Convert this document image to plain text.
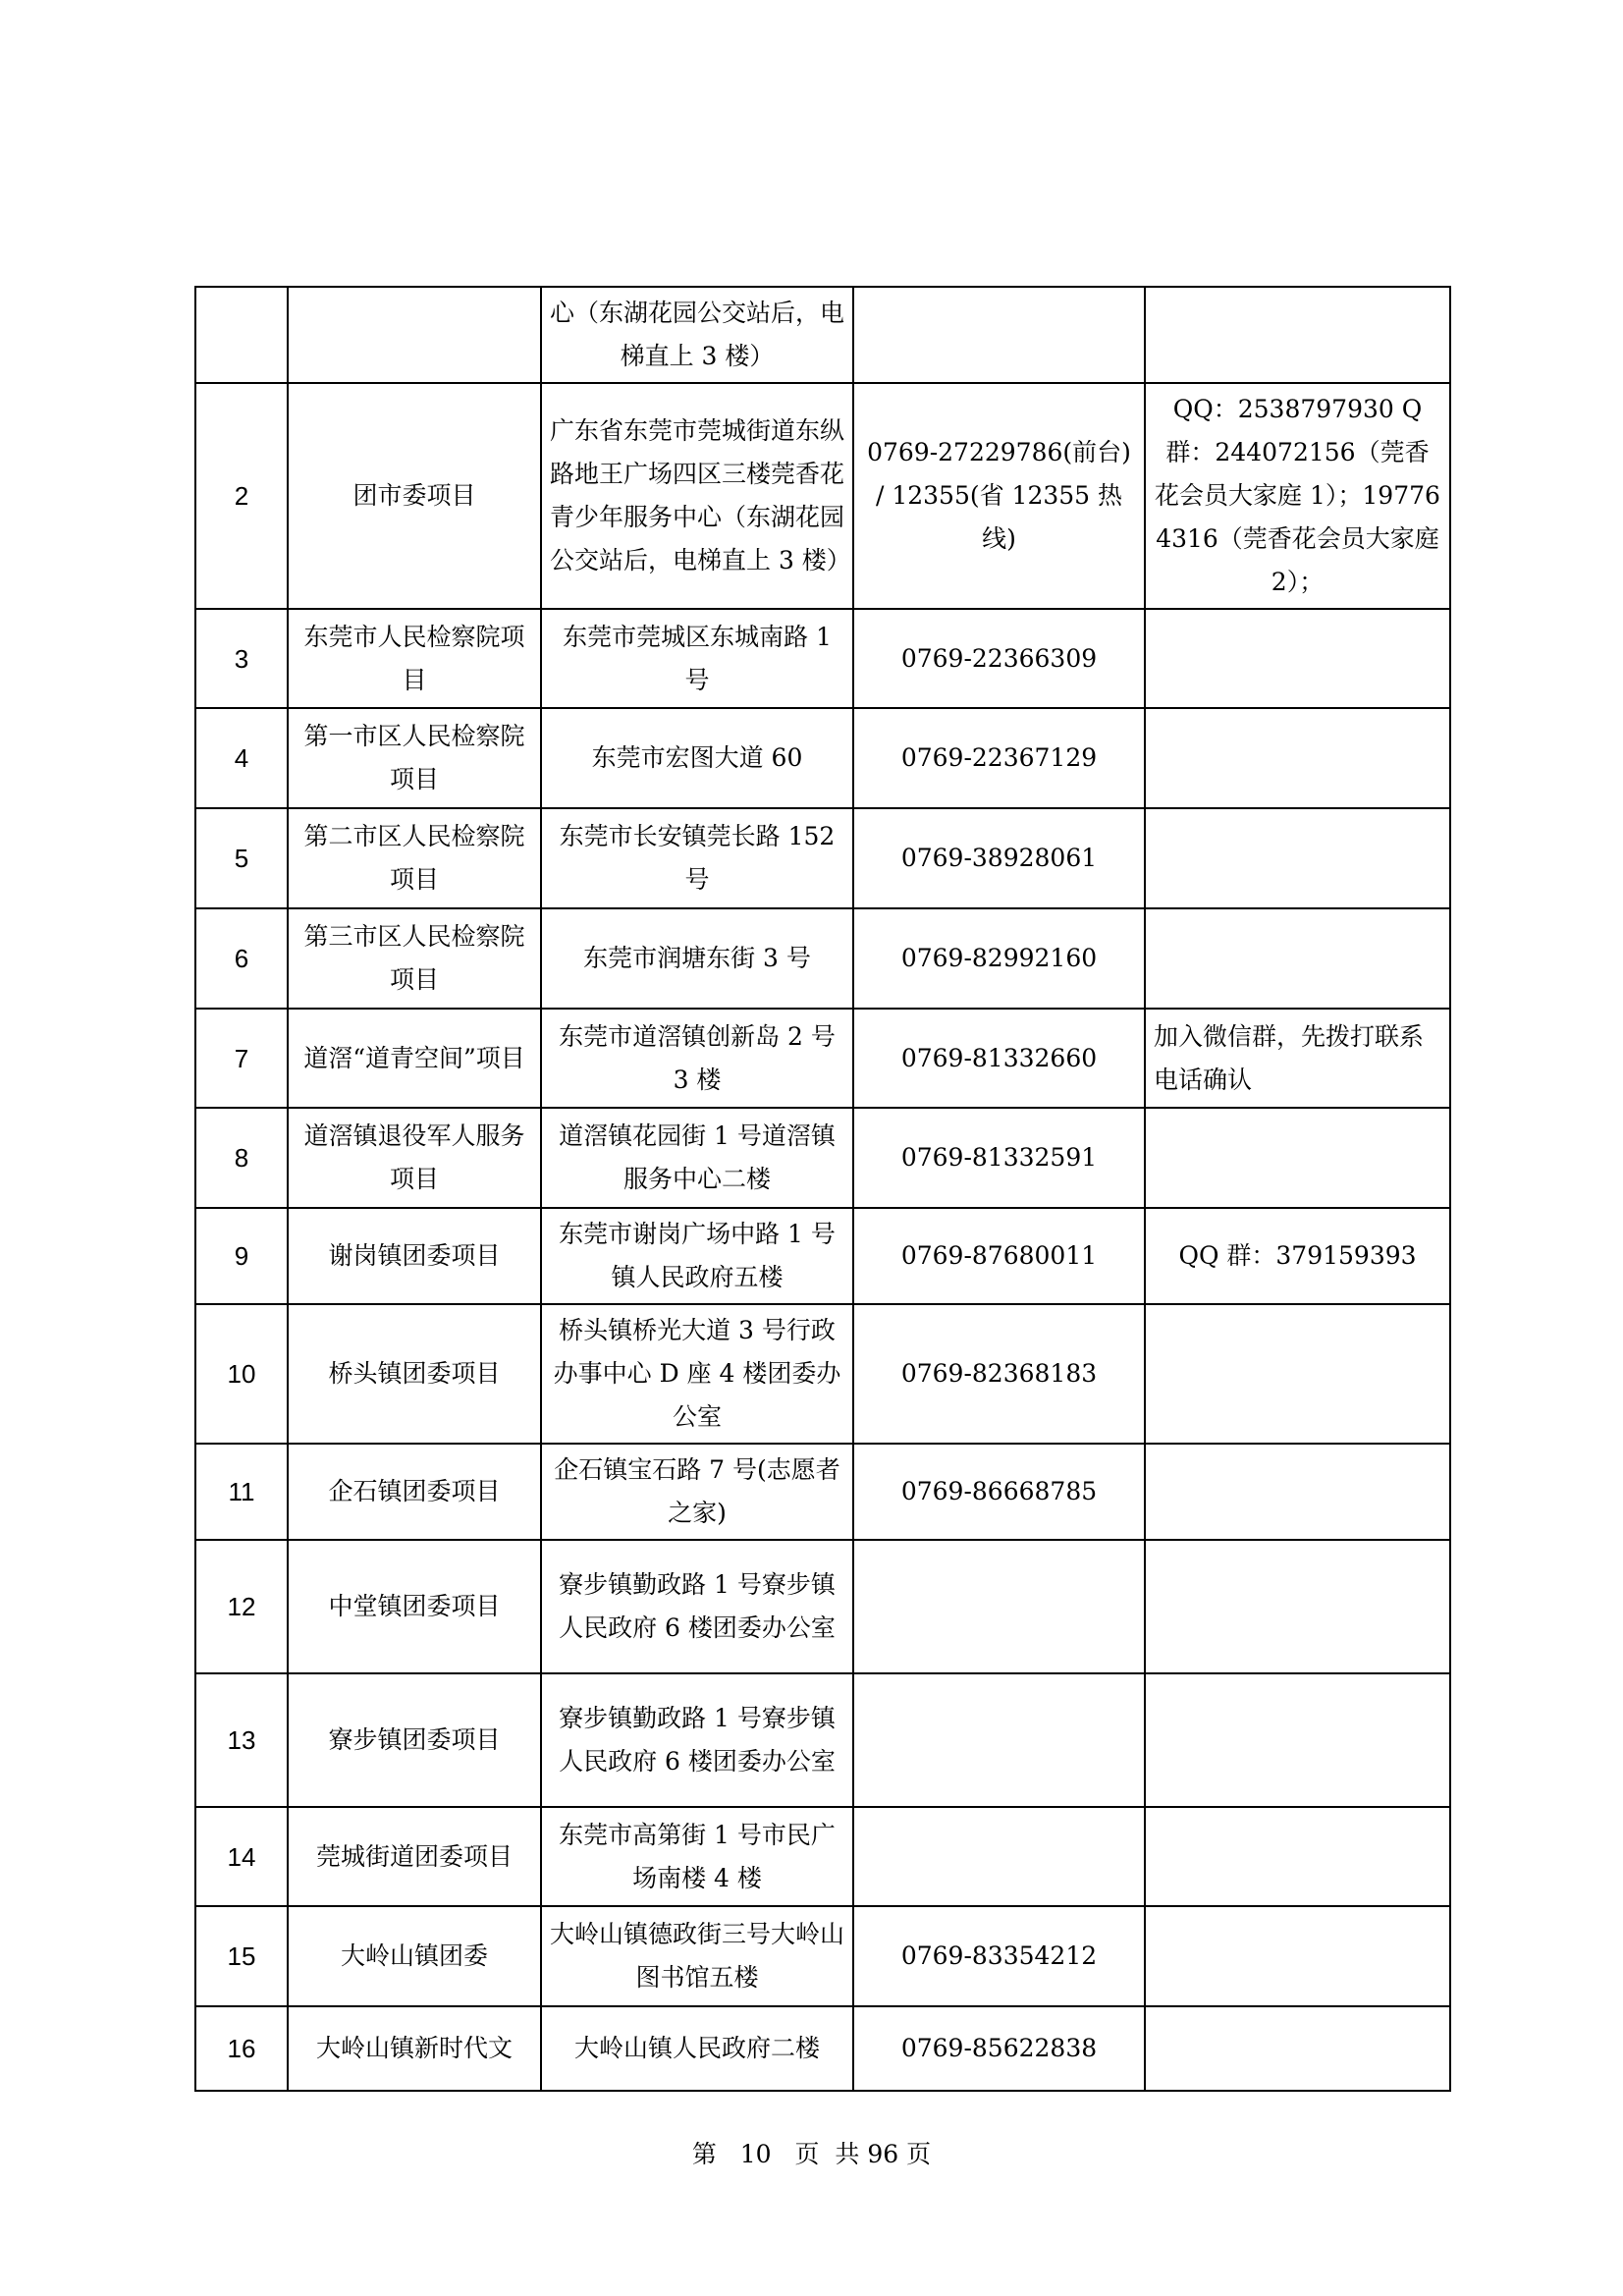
		心（东湖花园公交站后，电梯直上 3 楼）		
2	团市委项目	广东省东莞市莞城街道东纵路地王广场四区三楼莞香花青少年服务中心（东湖花园公交站后，电梯直上 3 楼）	0769-27229786(前台) / 12355(省 12355 热线)	QQ：2538797930 Q 群：244072156（莞香花会员大家庭 1）；197764316（莞香花会员大家庭 2）；
3	东莞市人民检察院项目	东莞市莞城区东城南路 1 号	0769-22366309	
4	第一市区人民检察院项目	东莞市宏图大道 60	0769-22367129	
5	第二市区人民检察院项目	东莞市长安镇莞长路 152 号	0769-38928061	
6	第三市区人民检察院项目	东莞市润塘东街 3 号	0769-82992160	
7	道滘“道青空间”项目	东莞市道滘镇创新岛 2 号 3 楼	0769-81332660	加入微信群，先拨打联系电话确认
8	道滘镇退役军人服务项目	道滘镇花园街 1 号道滘镇服务中心二楼	0769-81332591	
9	谢岗镇团委项目	东莞市谢岗广场中路 1 号镇人民政府五楼	0769-87680011	QQ 群：379159393
10	桥头镇团委项目	桥头镇桥光大道 3 号行政办事中心 D 座 4 楼团委办公室	0769-82368183	
11	企石镇团委项目	企石镇宝石路 7 号(志愿者之家)	0769-86668785	
12	中堂镇团委项目	寮步镇勤政路 1 号寮步镇人民政府 6 楼团委办公室		
13	寮步镇团委项目	寮步镇勤政路 1 号寮步镇人民政府 6 楼团委办公室		
14	莞城街道团委项目	东莞市高第街 1 号市民广场南楼 4 楼		
15	大岭山镇团委	大岭山镇德政街三号大岭山图书馆五楼	0769-83354212	
16	大岭山镇新时代文	大岭山镇人民政府二楼	0769-85622838	
第 10 页  共 96 页
